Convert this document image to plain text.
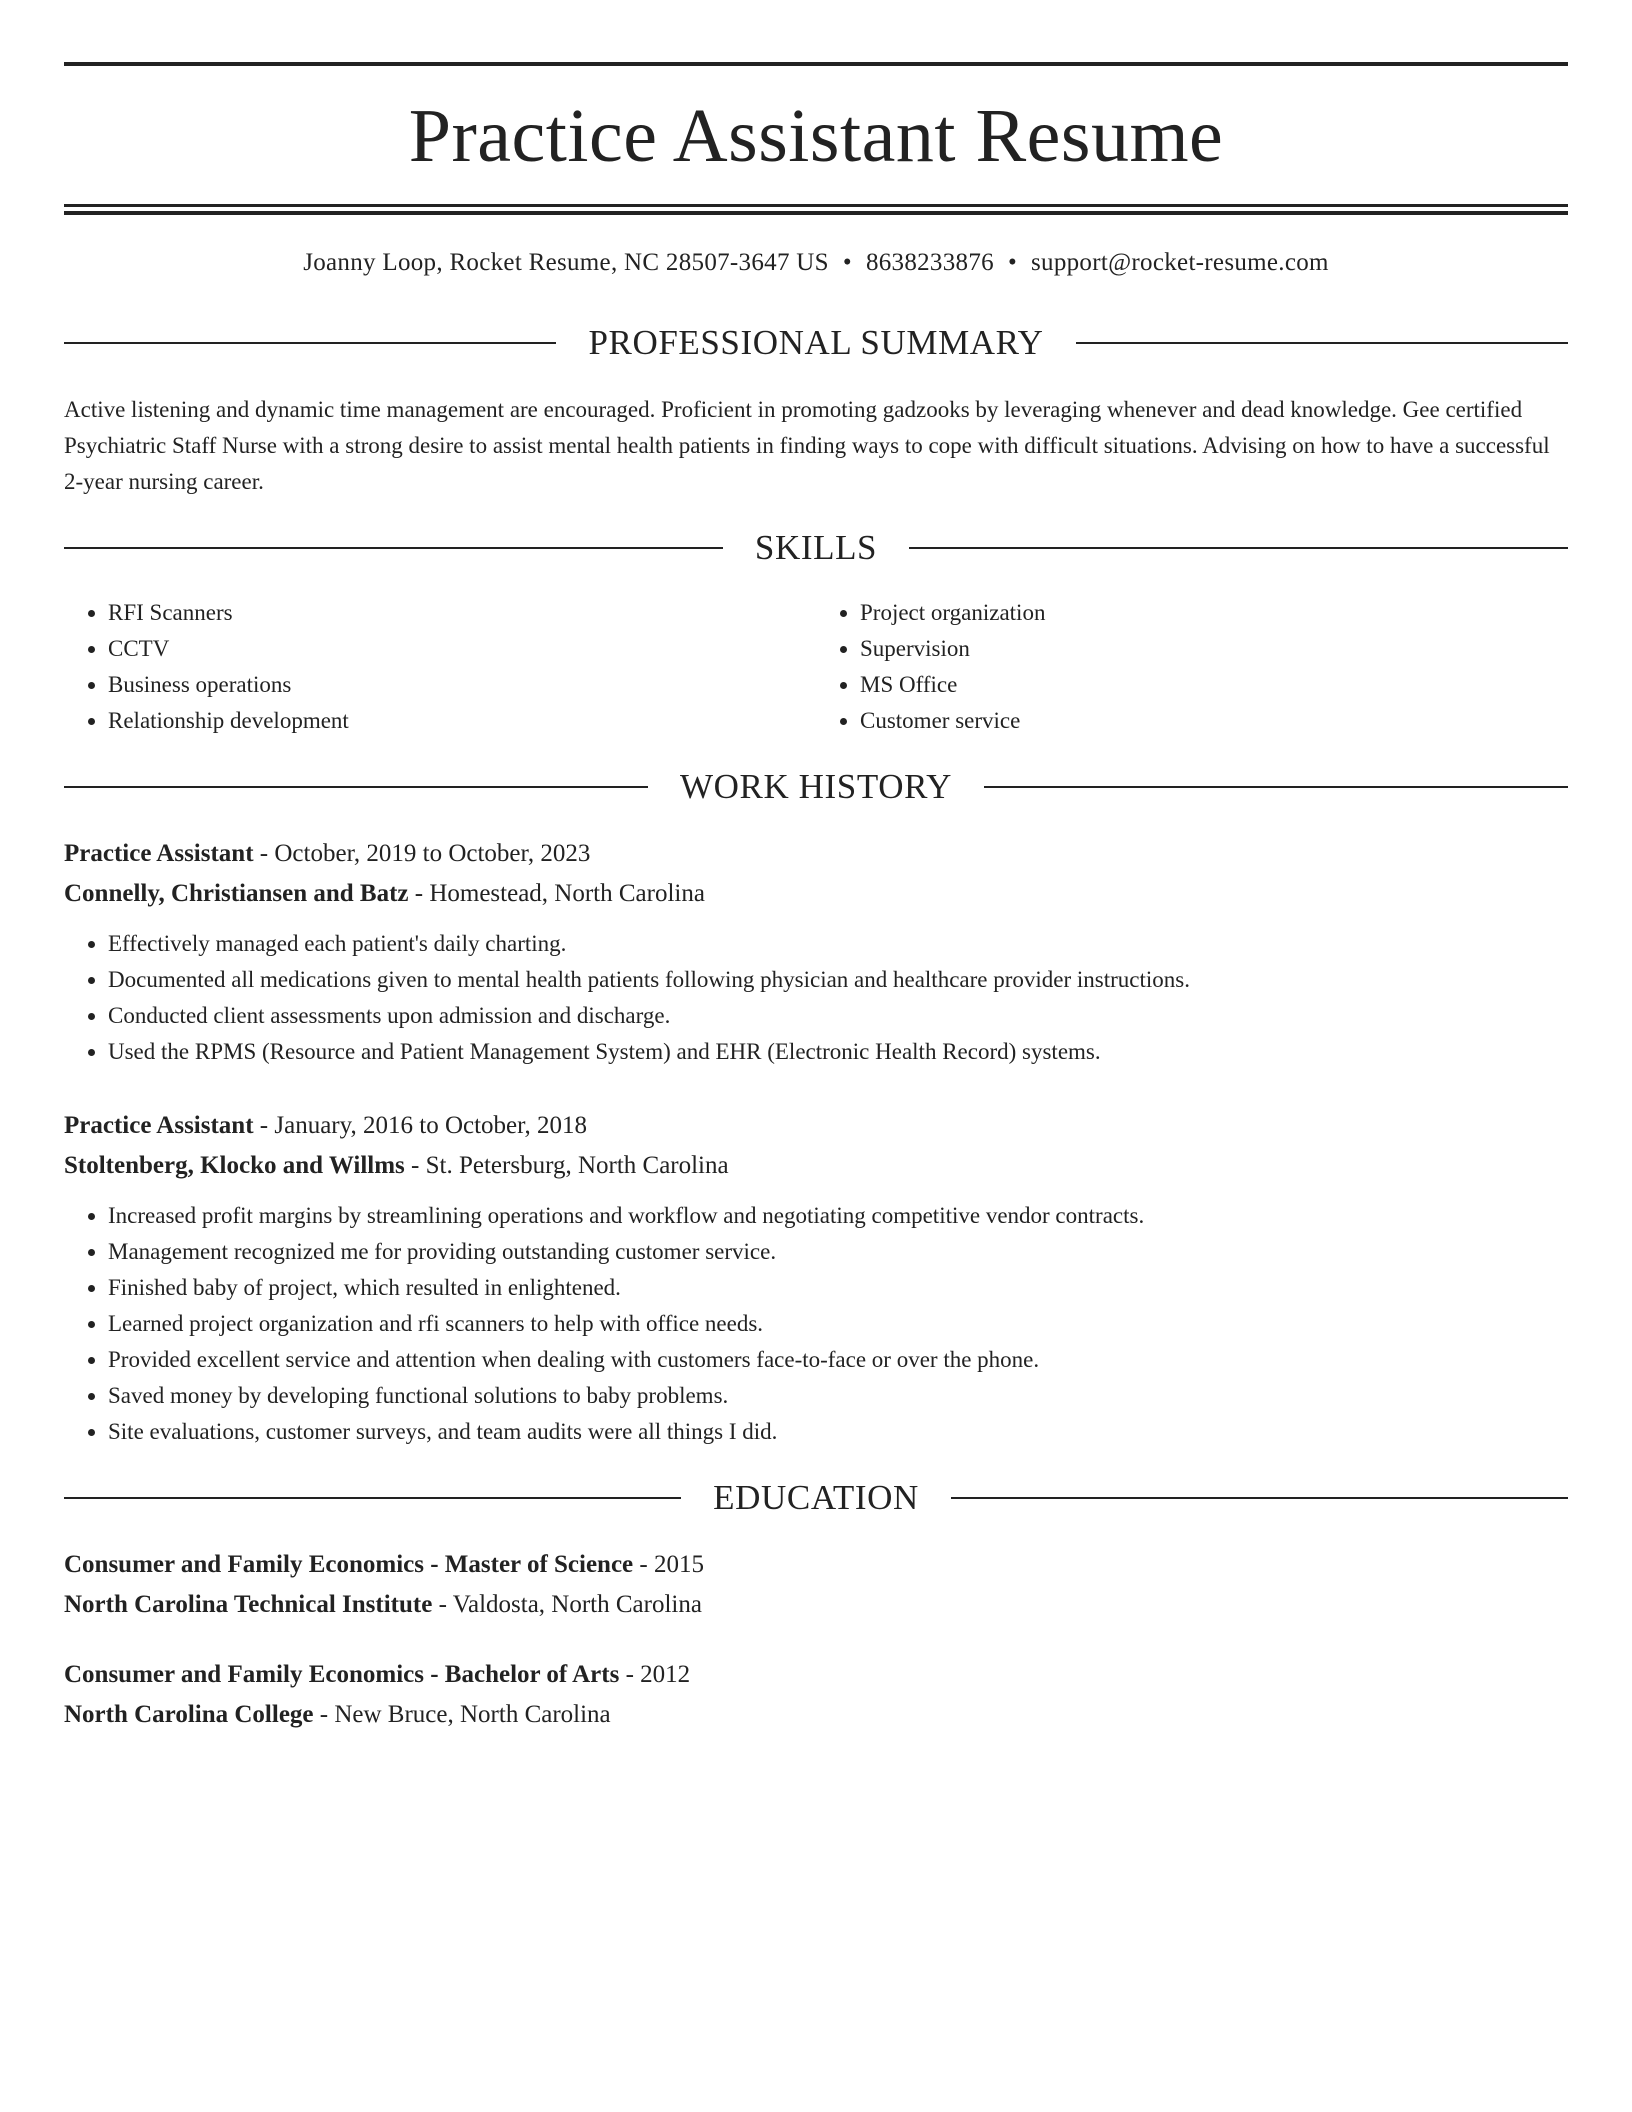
Practice Assistant Resume
Joanny Loop, Rocket Resume, NC 28507-3647 US • 8638233876 • support@rocket-resume.com
PROFESSIONAL SUMMARY

Active listening and dynamic time management are encouraged. Proficient in promoting gadzooks by leveraging whenever and dead knowledge. Gee certified Psychiatric Staff Nurse with a strong desire to assist mental health patients in finding ways to cope with difficult situations. Advising on how to have a successful 2-year nursing career.

SKILLS
• RFI Scanners
• CCTV
• Business operations
• Relationship development
• Project organization
• Supervision
• MS Office
• Customer service
WORK HISTORY
Practice Assistant - October, 2019 to October, 2023
Connelly, Christiansen and Batz - Homestead, North Carolina
• Effectively managed each patient's daily charting.
• Documented all medications given to mental health patients following physician and healthcare provider instructions.
• Conducted client assessments upon admission and discharge.
• Used the RPMS (Resource and Patient Management System) and EHR (Electronic Health Record) systems.
Practice Assistant - January, 2016 to October, 2018
Stoltenberg, Klocko and Willms - St. Petersburg, North Carolina
• Increased profit margins by streamlining operations and workflow and negotiating competitive vendor contracts.
• Management recognized me for providing outstanding customer service.
• Finished baby of project, which resulted in enlightened.
• Learned project organization and rfi scanners to help with office needs.
• Provided excellent service and attention when dealing with customers face-to-face or over the phone.
• Saved money by developing functional solutions to baby problems.
• Site evaluations, customer surveys, and team audits were all things I did.
EDUCATION
Consumer and Family Economics - Master of Science - 2015
North Carolina Technical Institute - Valdosta, North Carolina
Consumer and Family Economics - Bachelor of Arts - 2012
North Carolina College - New Bruce, North Carolina
